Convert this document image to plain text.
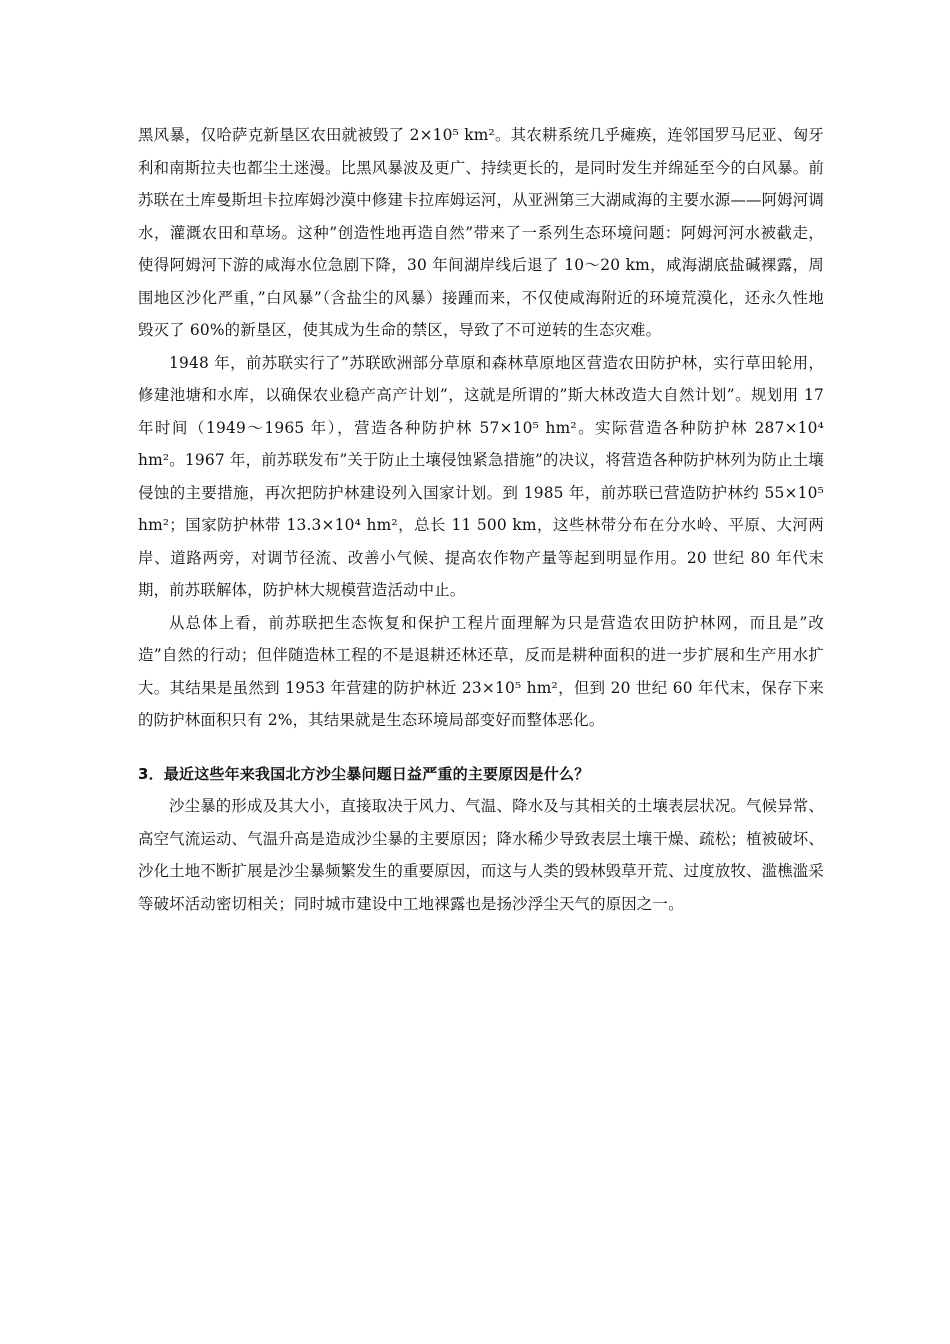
黑风暴，仅哈萨克新垦区农田就被毁了 2×10⁵ km²。其农耕系统几乎瘫痪，连邻国罗马尼亚、匈牙利和南斯拉夫也都尘土迷漫。比黑风暴波及更广、持续更长的，是同时发生并绵延至今的白风暴。前苏联在土库曼斯坦卡拉库姆沙漠中修建卡拉库姆运河，从亚洲第三大湖咸海的主要水源——阿姆河调水，灌溉农田和草场。这种”创造性地再造自然”带来了一系列生态环境问题：阿姆河河水被截走，使得阿姆河下游的咸海水位急剧下降，30 年间湖岸线后退了 10～20 km，咸海湖底盐碱裸露，周围地区沙化严重，”白风暴”（含盐尘的风暴）接踵而来，不仅使咸海附近的环境荒漠化，还永久性地毁灭了 60%的新垦区，使其成为生命的禁区，导致了不可逆转的生态灾难。

1948 年，前苏联实行了”苏联欧洲部分草原和森林草原地区营造农田防护林，实行草田轮用，修建池塘和水库，以确保农业稳产高产计划”，这就是所谓的”斯大林改造大自然计划”。规划用 17 年时间（1949～1965 年），营造各种防护林 57×10⁵ hm²。实际营造各种防护林 287×10⁴ hm²。1967 年，前苏联发布”关于防止土壤侵蚀紧急措施”的决议，将营造各种防护林列为防止土壤侵蚀的主要措施，再次把防护林建设列入国家计划。到 1985 年，前苏联已营造防护林约 55×10⁵ hm²；国家防护林带 13.3×10⁴ hm²，总长 11 500 km，这些林带分布在分水岭、平原、大河两岸、道路两旁，对调节径流、改善小气候、提高农作物产量等起到明显作用。20 世纪 80 年代末期，前苏联解体，防护林大规模营造活动中止。

从总体上看，前苏联把生态恢复和保护工程片面理解为只是营造农田防护林网，而且是”改造”自然的行动；但伴随造林工程的不是退耕还林还草，反而是耕种面积的进一步扩展和生产用水扩大。其结果是虽然到 1953 年营建的防护林近 23×10⁵ hm²，但到 20 世纪 60 年代末，保存下来的防护林面积只有 2%，其结果就是生态环境局部变好而整体恶化。

3．最近这些年来我国北方沙尘暴问题日益严重的主要原因是什么？

沙尘暴的形成及其大小，直接取决于风力、气温、降水及与其相关的土壤表层状况。气候异常、高空气流运动、气温升高是造成沙尘暴的主要原因；降水稀少导致表层土壤干燥、疏松；植被破坏、沙化土地不断扩展是沙尘暴频繁发生的重要原因，而这与人类的毁林毁草开荒、过度放牧、滥樵滥采等破坏活动密切相关；同时城市建设中工地裸露也是扬沙浮尘天气的原因之一。
